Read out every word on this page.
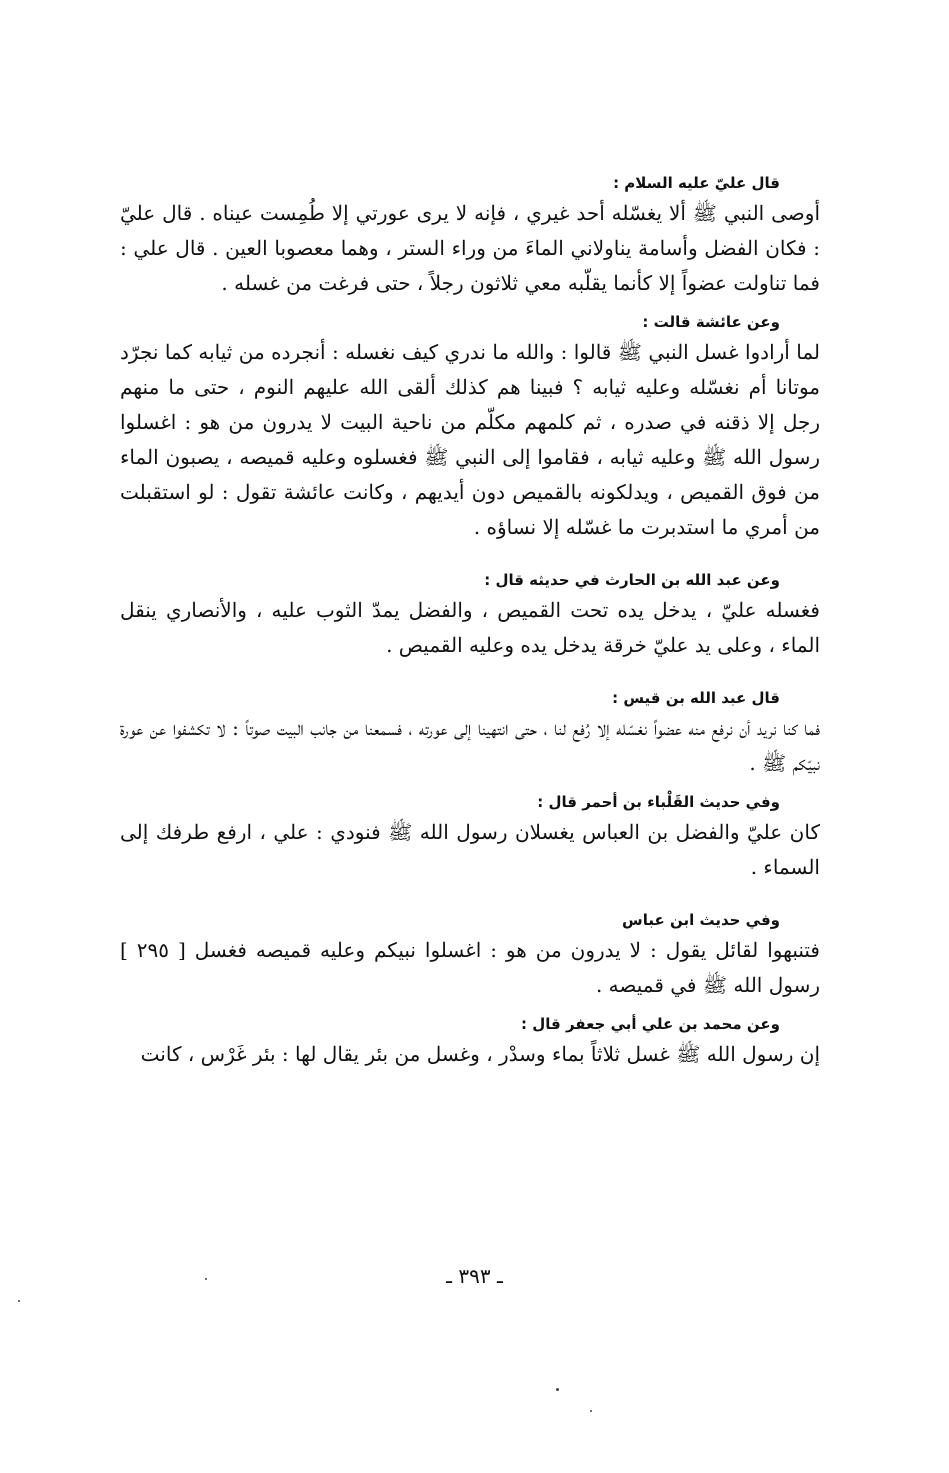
قال عليّ عليه السلام :

أوصى النبي ﷺ ألا يغسّله أحد غيري ، فإنه لا يرى عورتي إلا طُمِست عيناه . قال عليّ : فكان الفضل وأسامة يناولاني الماءَ من وراء الستر ، وهما معصوبا العين . قال علي : فما تناولت عضواً إلا كأنما يقلّبه معي ثلاثون رجلاً ، حتى فرغت من غسله .

وعن عائشة قالت :

لما أرادوا غسل النبي ﷺ قالوا : والله ما ندري كيف نغسله : أنجرده من ثيابه كما نجرّد موتانا أم نغسّله وعليه ثيابه ؟ فبينا هم كذلك ألقى الله عليهم النوم ، حتى ما منهم رجل إلا ذقنه في صدره ، ثم كلمهم مكلّم من ناحية البيت لا يدرون من هو : اغسلوا رسول الله ﷺ وعليه ثيابه ، فقاموا إلى النبي ﷺ فغسلوه وعليه قميصه ، يصبون الماء من فوق القميص ، ويدلكونه بالقميص دون أيديهم ، وكانت عائشة تقول : لو استقبلت من أمري ما استدبرت ما غسّله إلا نساؤه .

وعن عبد الله بن الحارث في حديثه قال :

فغسله عليّ ، يدخل يده تحت القميص ، والفضل يمدّ الثوب عليه ، والأنصاري ينقل الماء ، وعلى يد عليّ خرقة يدخل يده وعليه القميص .

قال عبد الله بن قيس :

فما كنا نريد أن نرفع منه عضواً نغسّله إلا رُفع لنا ، حتى انتهينا إلى عورته ، فسمعنا من جانب البيت صوتاً : لا تكشفوا عن عورة نبيّكم ﷺ .

وفي حديث القَلْباء بن أحمر قال :

كان عليّ والفضل بن العباس يغسلان رسول الله ﷺ فنودي : علي ، ارفع طرفك إلى السماء .

وفي حديث ابن عباس

فتنبهوا لقائل يقول : لا يدرون من هو : اغسلوا نبيكم وعليه قميصه فغسل [ ٢٩٥ ] رسول الله ﷺ في قميصه .

وعن محمد بن علي أبي جعفر قال :

إن رسول الله ﷺ غسل ثلاثاً بماء وسدْر ، وغسل من بئر يقال لها : بئر غَرْس ، كانت

ـ ٣٩٣ ـ
